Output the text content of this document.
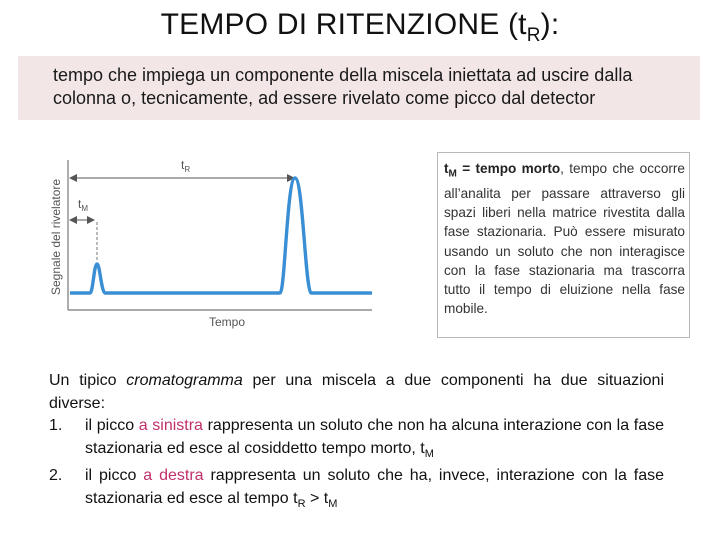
TEMPO DI RITENZIONE $(t_R)$:
tempo che impiega un componente della miscela iniettata ad uscire dalla
colonna o, tecnicamente, ad essere rivelato come picco dal detector
Segnale del rivelatore
$t_R$
$t_M$
Tempo
$t_M$ = tempo morto, tempo che occorre all’analita per passare attraverso gli spazi liberi nella matrice rivestita dalla fase stazionaria. Può essere misurato usando un soluto che non interagisce con la fase stazionaria ma trascorra tutto il tempo di eluizione nella fase mobile.
Un tipico cromatogramma per una miscela a due componenti ha due situazioni diverse:
1.	il picco a sinistra rappresenta un soluto che non ha alcuna interazione con la fase stazionaria ed esce al cosiddetto tempo morto, $t_M$
2.	il picco a destra rappresenta un soluto che ha, invece, interazione con la fase stazionaria ed esce al tempo $t_R > t_M$
